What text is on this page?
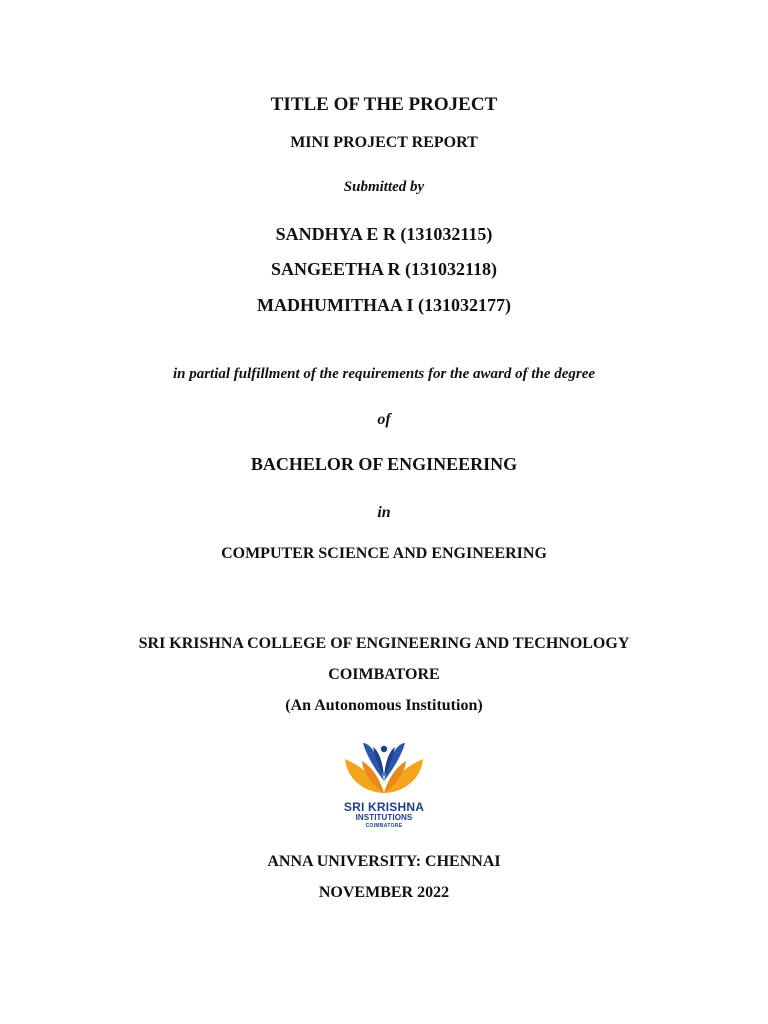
TITLE OF THE PROJECT
MINI PROJECT REPORT
Submitted by
SANDHYA E R (131032115)
SANGEETHA R (131032118)
MADHUMITHAA I (131032177)
in partial fulfillment of the requirements for the award of the degree
of
BACHELOR OF ENGINEERING
in
COMPUTER SCIENCE AND ENGINEERING
SRI KRISHNA COLLEGE OF ENGINEERING AND TECHNOLOGY
COIMBATORE
(An Autonomous Institution)
SRI KRISHNA
INSTITUTIONS
COIMBATORE
ANNA UNIVERSITY: CHENNAI
NOVEMBER 2022
